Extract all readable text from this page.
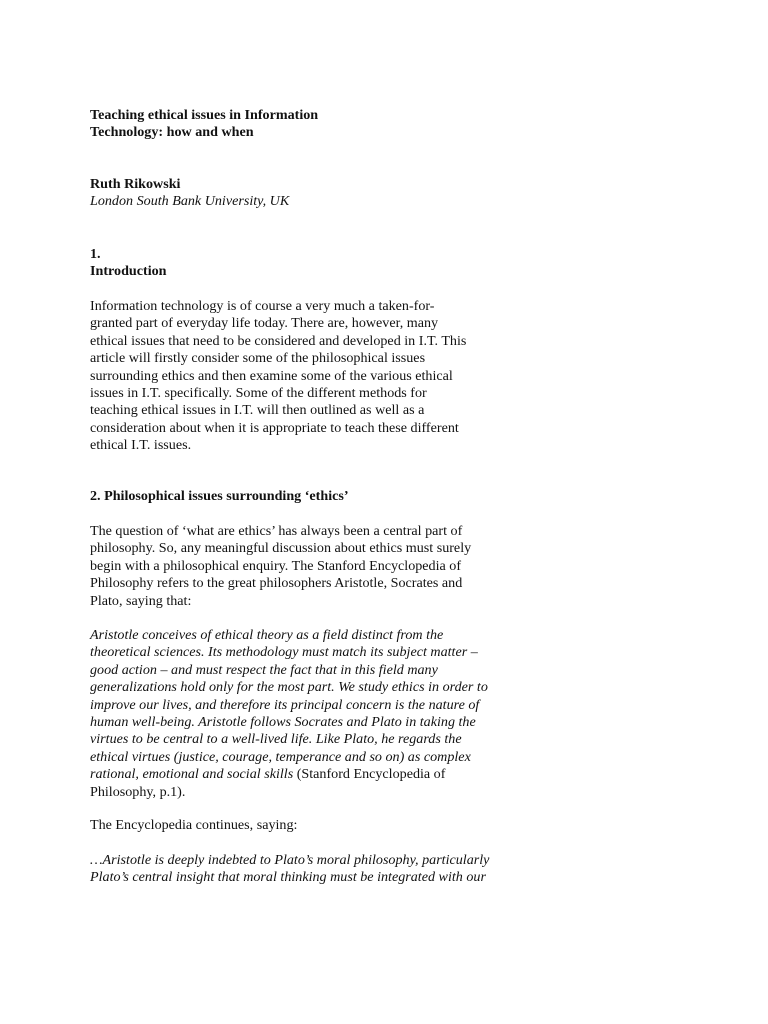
Teaching ethical issues in Information
Technology: how and when

Ruth Rikowski

London South Bank University, UK

1.

Introduction

Information technology is of course a very much a taken-for-
granted part of everyday life today. There are, however, many
ethical issues that need to be considered and developed in I.T. This
article will firstly consider some of the philosophical issues
surrounding ethics and then examine some of the various ethical
issues in I.T. specifically. Some of the different methods for
teaching ethical issues in I.T. will then outlined as well as a
consideration about when it is appropriate to teach these different
ethical I.T. issues.

2. Philosophical issues surrounding ‘ethics’

The question of ‘what are ethics’ has always been a central part of
philosophy. So, any meaningful discussion about ethics must surely
begin with a philosophical enquiry. The Stanford Encyclopedia of
Philosophy refers to the great philosophers Aristotle, Socrates and
Plato, saying that:

Aristotle conceives of ethical theory as a field distinct from the
theoretical sciences. Its methodology must match its subject matter –
good action – and must respect the fact that in this field many
generalizations hold only for the most part. We study ethics in order to
improve our lives, and therefore its principal concern is the nature of
human well-being. Aristotle follows Socrates and Plato in taking the
virtues to be central to a well-lived life. Like Plato, he regards the
ethical virtues (justice, courage, temperance and so on) as complex
rational, emotional and social skills (Stanford Encyclopedia of
Philosophy, p.1).

The Encyclopedia continues, saying:

…Aristotle is deeply indebted to Plato’s moral philosophy, particularly
Plato’s central insight that moral thinking must be integrated with our
